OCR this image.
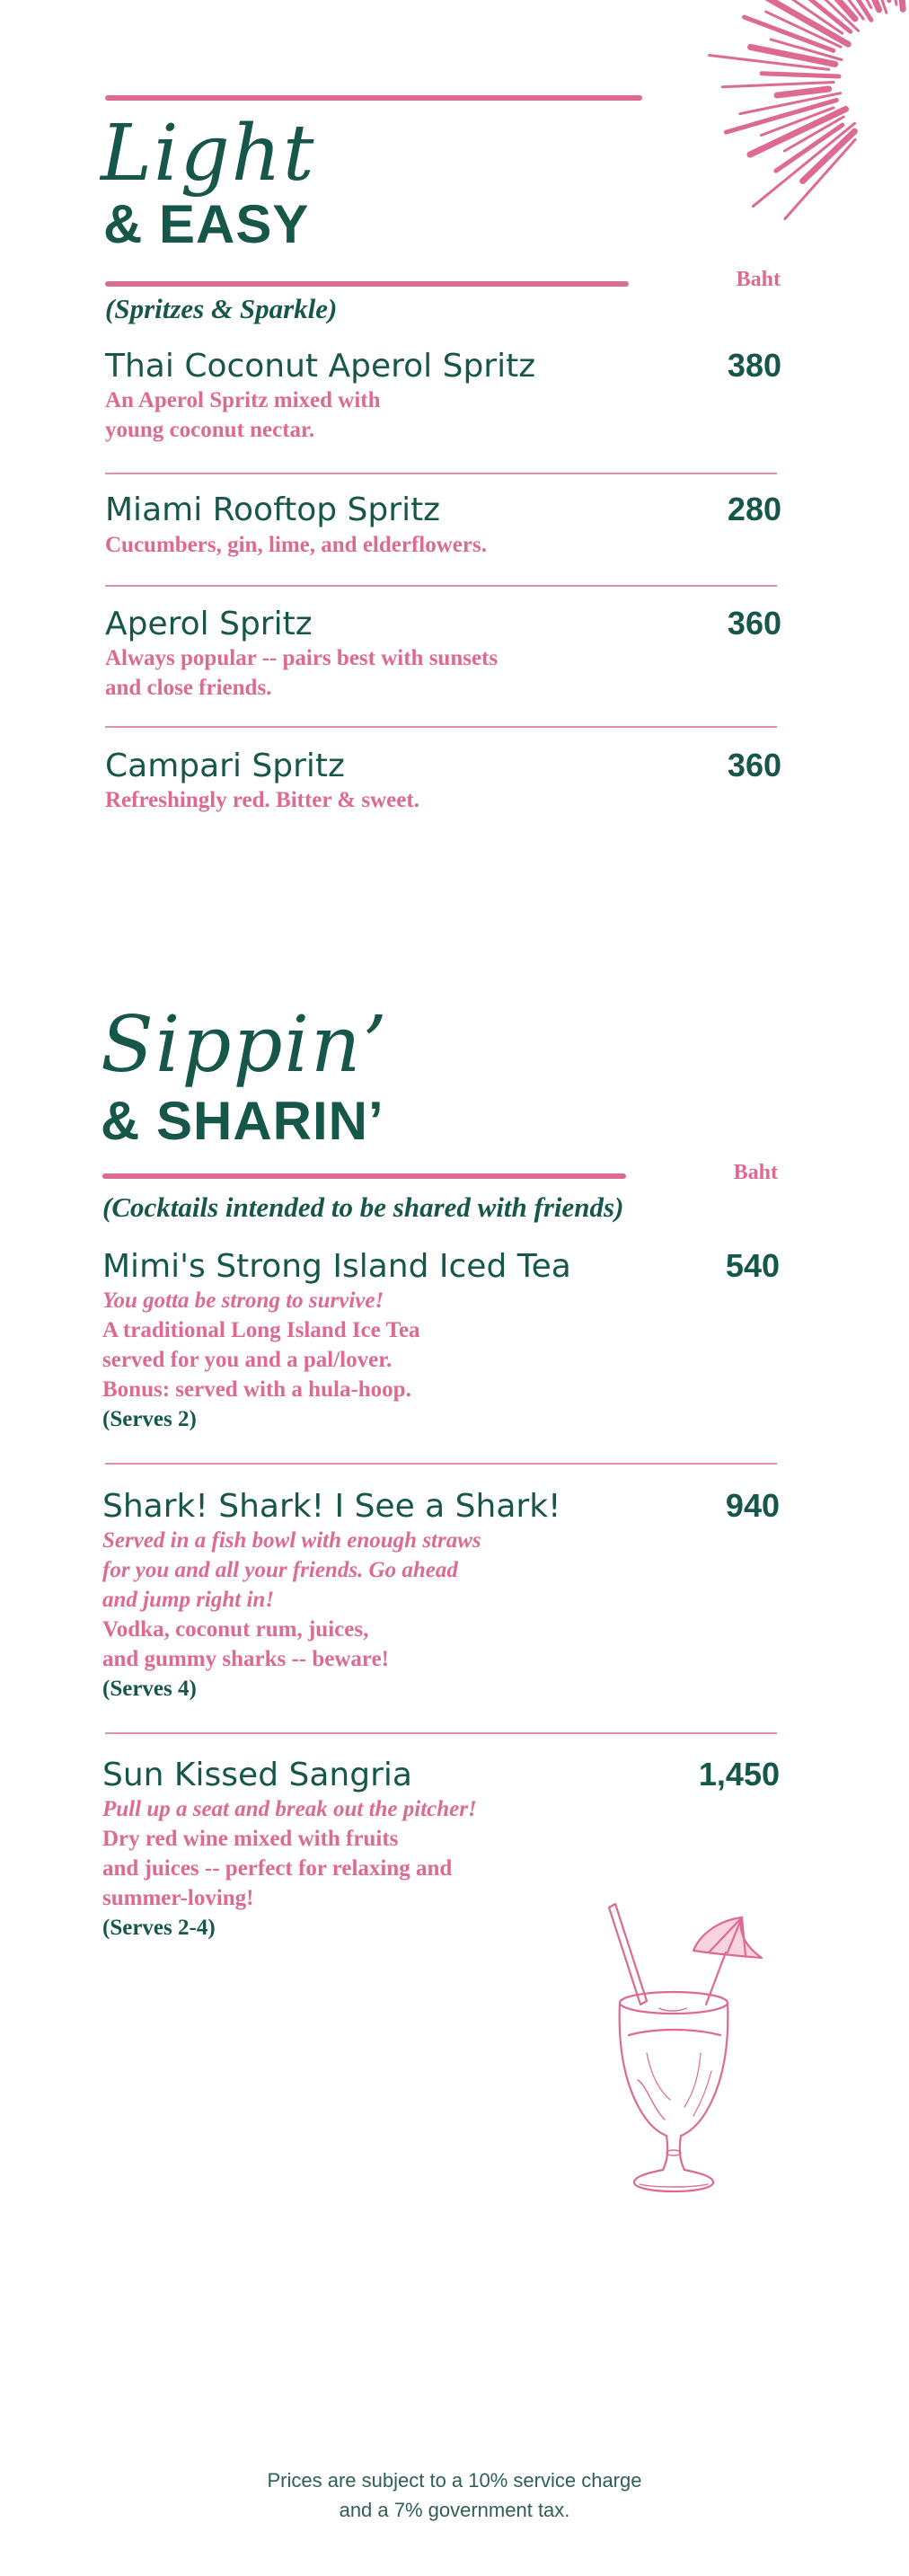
Light
& EASY
Baht
(Spritzes & Sparkle)
Thai Coconut Aperol Spritz	380
An Aperol Spritz mixed with
young coconut nectar.
Miami Rooftop Spritz	280
Cucumbers, gin, lime, and elderflowers.
Aperol Spritz	360
Always popular -- pairs best with sunsets
and close friends.
Campari Spritz	360
Refreshingly red. Bitter & sweet.
Sippin’
& SHARIN’
Baht
(Cocktails intended to be shared with friends)
Mimi's Strong Island Iced Tea	540
You gotta be strong to survive!
A traditional Long Island Ice Tea
served for you and a pal/lover.
Bonus: served with a hula-hoop.
(Serves 2)
Shark! Shark! I See a Shark!	940
Served in a fish bowl with enough straws
for you and all your friends. Go ahead
and jump right in!
Vodka, coconut rum, juices,
and gummy sharks -- beware!
(Serves 4)
Sun Kissed Sangria	1,450
Pull up a seat and break out the pitcher!
Dry red wine mixed with fruits
and juices -- perfect for relaxing and
summer-loving!
(Serves 2-4)
Prices are subject to a 10% service charge
and a 7% government tax.
